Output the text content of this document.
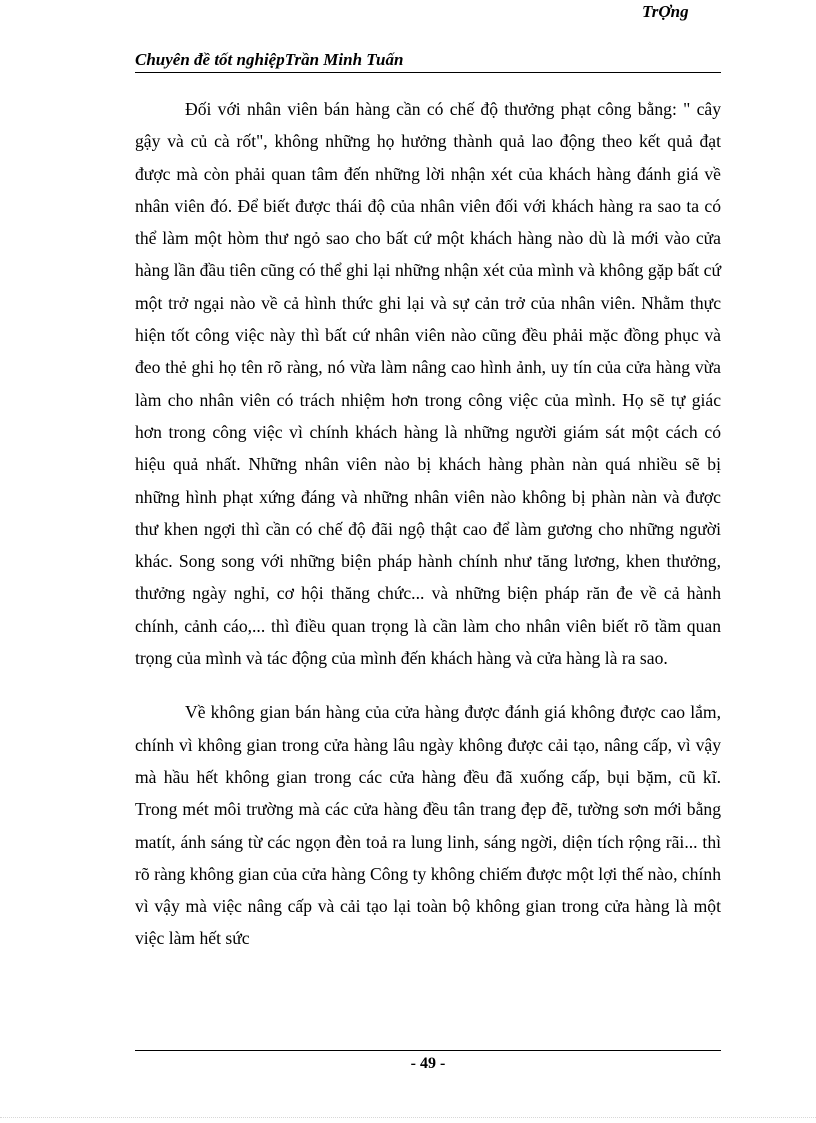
Chuyên đề tốt nghiệpTrần Minh Tuấn
TrỢng

Đối với nhân viên bán hàng cần có chế độ thưởng phạt công bằng: " cây gậy và củ cà rốt", không những họ hưởng thành quả lao động theo kết quả đạt được mà còn phải quan tâm đến những lời nhận xét của khách hàng đánh giá về nhân viên đó. Để biết được thái độ của nhân viên đối với khách hàng ra sao ta có thể làm một hòm thư ngỏ sao cho bất cứ một khách hàng nào dù là mới vào cửa hàng lần đầu tiên cũng có thể ghi lại những nhận xét của mình và không gặp bất cứ một trở ngại nào về cả hình thức ghi lại và sự cản trở của nhân viên. Nhằm thực hiện tốt công việc này thì bất cứ nhân viên nào cũng đều phải mặc đồng phục và đeo thẻ ghi họ tên rõ ràng, nó vừa làm nâng cao hình ảnh, uy tín của cửa hàng vừa làm cho nhân viên có trách nhiệm hơn trong công việc của mình. Họ sẽ tự giác hơn trong công việc vì chính khách hàng là những người giám sát một cách có hiệu quả nhất. Những nhân viên nào bị khách hàng phàn nàn quá nhiều sẽ bị những hình phạt xứng đáng và những nhân viên nào không bị phàn nàn và được thư khen ngợi thì cần có chế độ đãi ngộ thật cao để làm gương cho những người khác. Song song với những biện pháp hành chính như tăng lương, khen thưởng, thưởng ngày nghỉ, cơ hội thăng chức... và những biện pháp răn đe về cả hành chính, cảnh cáo,... thì điều quan trọng là cần làm cho nhân viên biết rõ tầm quan trọng của mình và tác động của mình đến khách hàng và cửa hàng là ra sao.

Về không gian bán hàng của cửa hàng được đánh giá không được cao lắm, chính vì không gian trong cửa hàng lâu ngày không được cải tạo, nâng cấp, vì vậy mà hầu hết không gian trong các cửa hàng đều đã xuống cấp, bụi bặm, cũ kĩ. Trong mét môi trường mà các cửa hàng đều tân trang đẹp đẽ, tường sơn mới bằng matít, ánh sáng từ các ngọn đèn toả ra lung linh, sáng ngời, diện tích rộng rãi... thì rõ ràng không gian của cửa hàng Công ty không chiếm được một lợi thế nào, chính vì vậy mà việc nâng cấp và cải tạo lại toàn bộ không gian trong cửa hàng là một việc làm hết sức

- 49 -
